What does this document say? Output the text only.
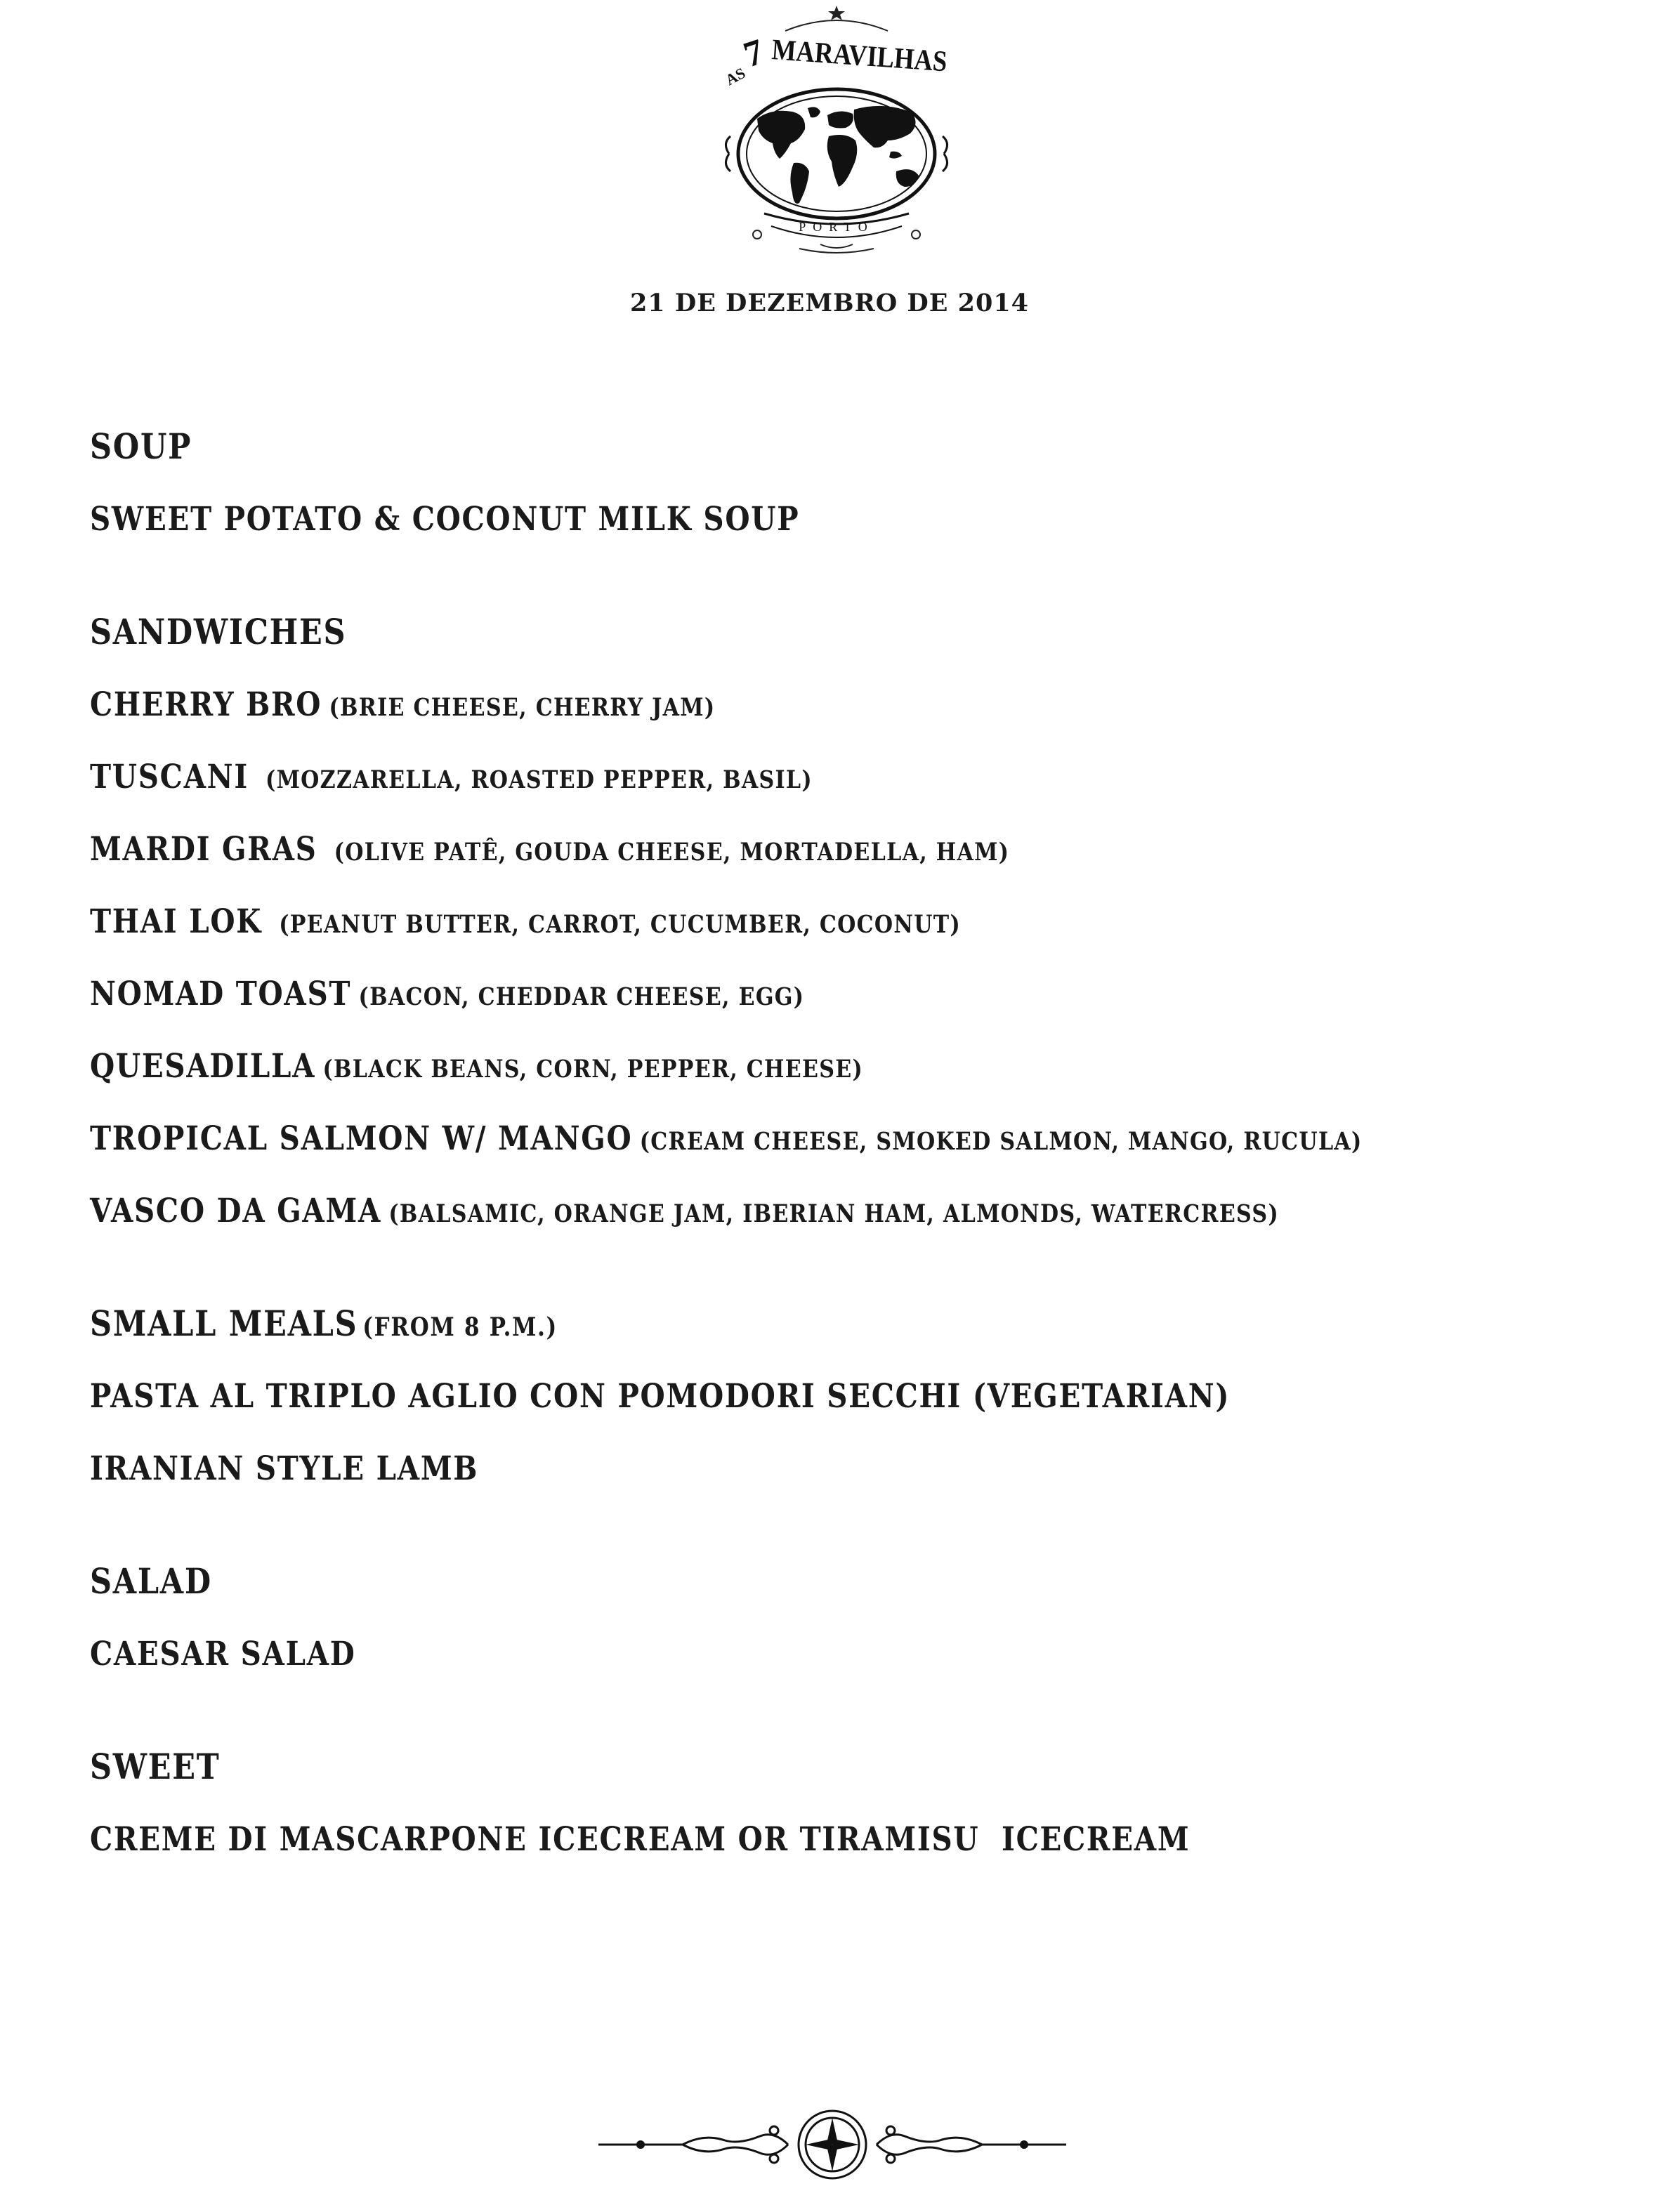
AS
7 MARAVILHAS
PORTO
21 DE DEZEMBRO DE 2014
SOUP
SWEET POTATO & COCONUT MILK SOUP
SANDWICHES
CHERRY BRO (BRIE CHEESE, CHERRY JAM)
TUSCANI (MOZZARELLA, ROASTED PEPPER, BASIL)
MARDI GRAS (OLIVE PATÊ, GOUDA CHEESE, MORTADELLA, HAM)
THAI LOK (PEANUT BUTTER, CARROT, CUCUMBER, COCONUT)
NOMAD TOAST (BACON, CHEDDAR CHEESE, EGG)
QUESADILLA (BLACK BEANS, CORN, PEPPER, CHEESE)
TROPICAL SALMON W/ MANGO (CREAM CHEESE, SMOKED SALMON, MANGO, RUCULA)
VASCO DA GAMA (BALSAMIC, ORANGE JAM, IBERIAN HAM, ALMONDS, WATERCRESS)
SMALL MEALS (FROM 8 P.M.)
PASTA AL TRIPLO AGLIO CON POMODORI SECCHI (VEGETARIAN)
IRANIAN STYLE LAMB
SALAD
CAESAR SALAD
SWEET
CREME DI MASCARPONE ICECREAM OR TIRAMISU  ICECREAM
